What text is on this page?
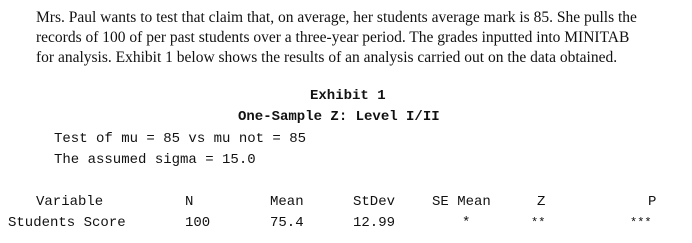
Mrs. Paul wants to test that claim that, on average, her students average mark is 85. She pulls the
records of 100 of per past students over a three-year period. The grades inputted into MINITAB
for analysis. Exhibit 1 below shows the results of an analysis carried out on the data obtained.
Exhibit 1
One-Sample Z: Level I/II
Test of mu = 85 vs mu not = 85
The assumed sigma = 15.0
Variable	N	Mean	StDev	SE Mean	Z	P
Students Score	100	75.4	12.99	*	**	***
